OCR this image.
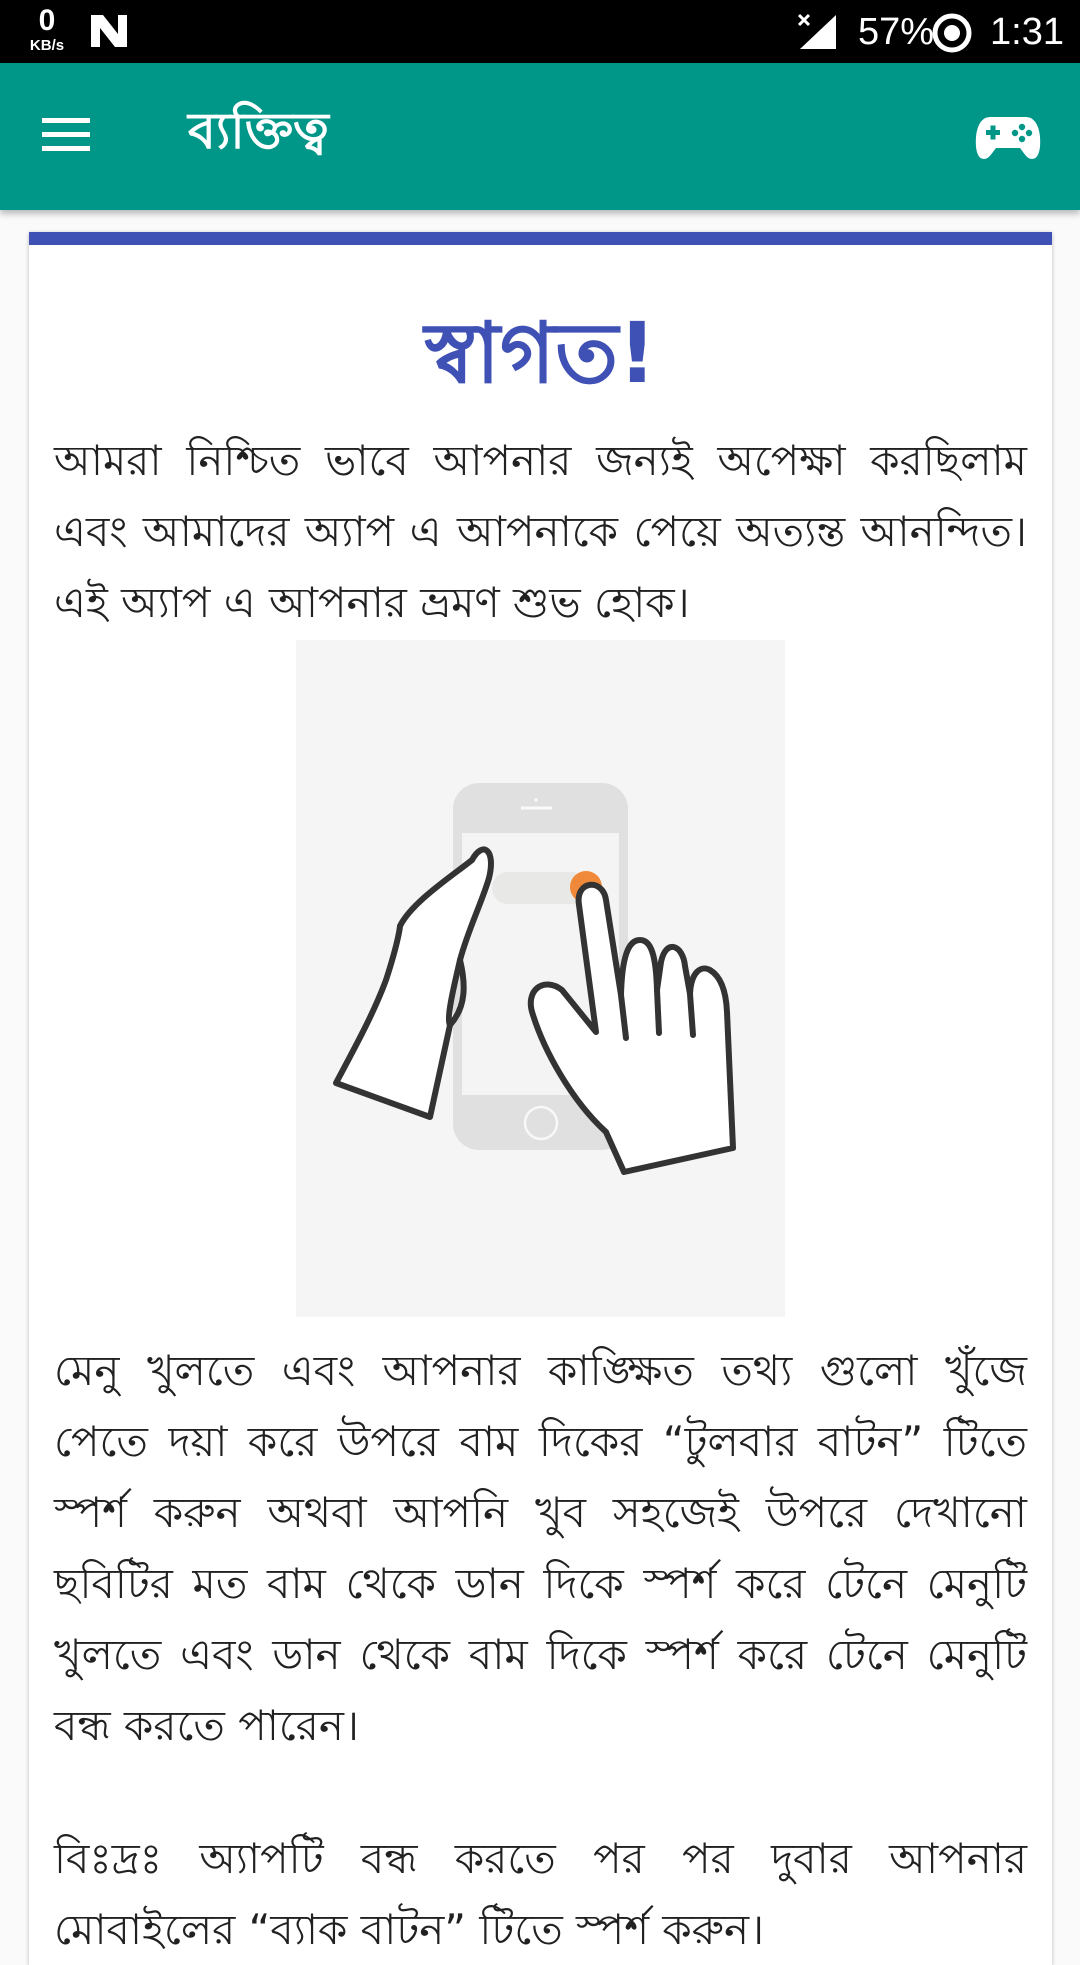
0
KB/s	57% 1:31
ব্যক্তিত্ব
স্বাগত!
আমরা নিশ্চিত ভাবে আপনার জন্যই অপেক্ষা করছিলাম এবং আমাদের অ্যাপ এ আপনাকে পেয়ে অত্যন্ত আনন্দিত। এই অ্যাপ এ আপনার ভ্রমণ শুভ হোক।
মেনু খুলতে এবং আপনার কাঙ্ক্ষিত তথ্য গুলো খুঁজে পেতে দয়া করে উপরে বাম দিকের “টুলবার বাটন” টিতে স্পর্শ করুন অথবা আপনি খুব সহজেই উপরে দেখানো ছবিটির মত বাম থেকে ডান দিকে স্পর্শ করে টেনে মেনুটি খুলতে এবং ডান থেকে বাম দিকে স্পর্শ করে টেনে মেনুটি বন্ধ করতে পারেন।
বিঃদ্রঃ অ্যাপটি বন্ধ করতে পর পর দুবার আপনার মোবাইলের “ব্যাক বাটন” টিতে স্পর্শ করুন।
